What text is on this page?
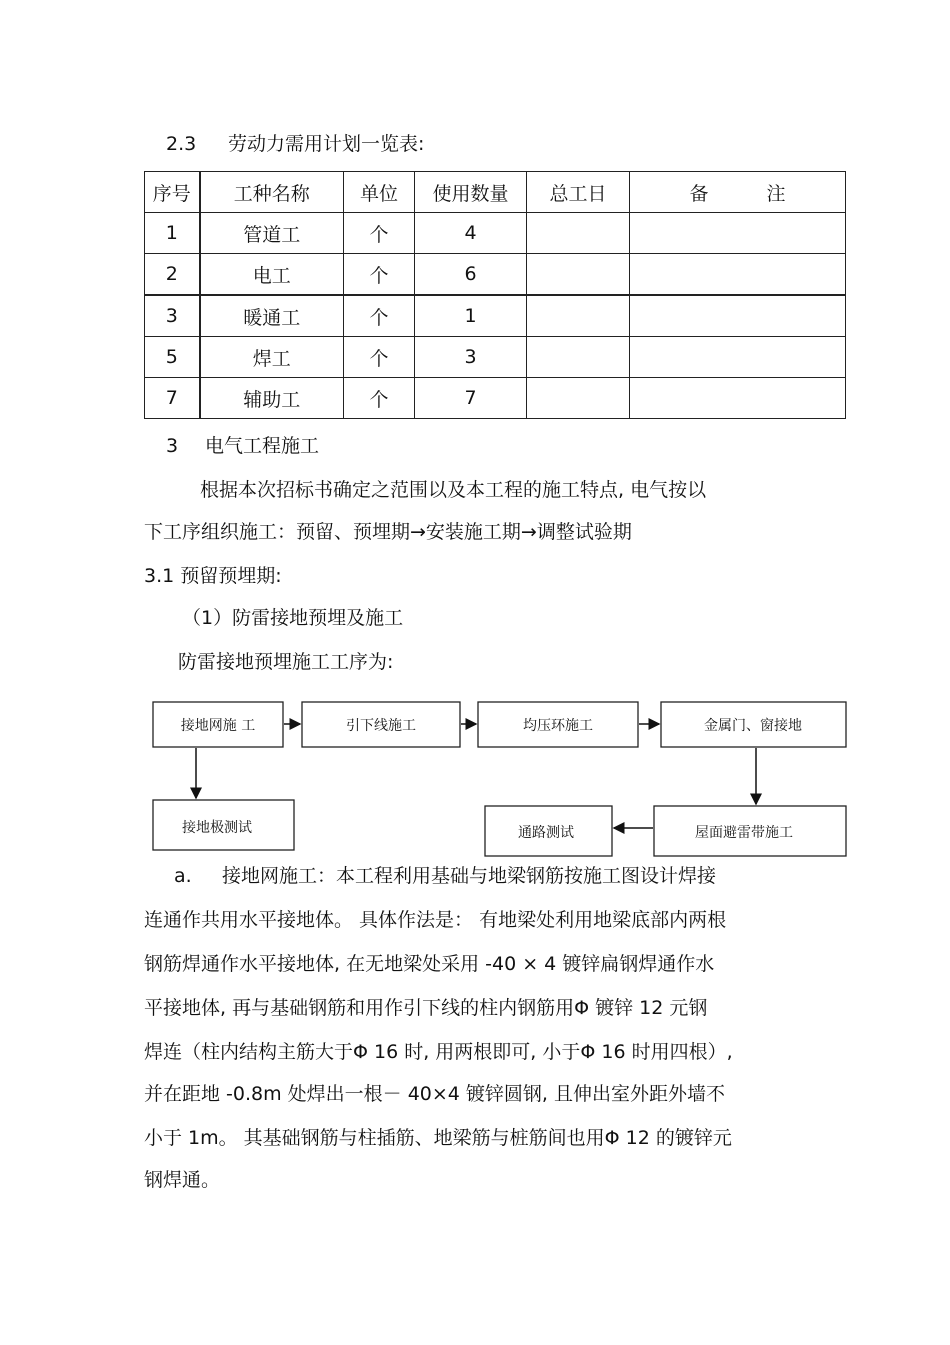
2.3 劳动力需用计划一览表:
序号	工种名称	单位	使用数量	总工日	备注
1	管道工	个	4		
2	电工	个	6		
3	暖通工	个	1		
5	焊工	个	3		
7	辅助工	个	7		
3 电气工程施工
根据本次招标书确定之范围以及本工程的施工特点, 电气按以
下工序组织施工：预留、预埋期→安装施工期→调整试验期
3.1 预留预埋期:
（1）防雷接地预埋及施工
防雷接地预埋施工工序为:
接地网施 工	引下线施工	均压环施工	金属门、窗接地
接地极测试	通路测试	屋面避雷带施工
a. 接地网施工：本工程利用基础与地梁钢筋按施工图设计焊接
连通作共用水平接地体。 具体作法是： 有地梁处利用地梁底部内两根
钢筋焊通作水平接地体, 在无地梁处采用 -40 × 4 镀锌扁钢焊通作水
平接地体, 再与基础钢筋和用作引下线的柱内钢筋用Φ 镀锌 12 元钢
焊连（柱内结构主筋大于Φ 16 时, 用两根即可, 小于Φ 16 时用四根）,
并在距地 -0.8m 处焊出一根－ 40×4 镀锌圆钢, 且伸出室外距外墙不
小于 1m。 其基础钢筋与柱插筋、地梁筋与桩筋间也用Φ 12 的镀锌元
钢焊通。
